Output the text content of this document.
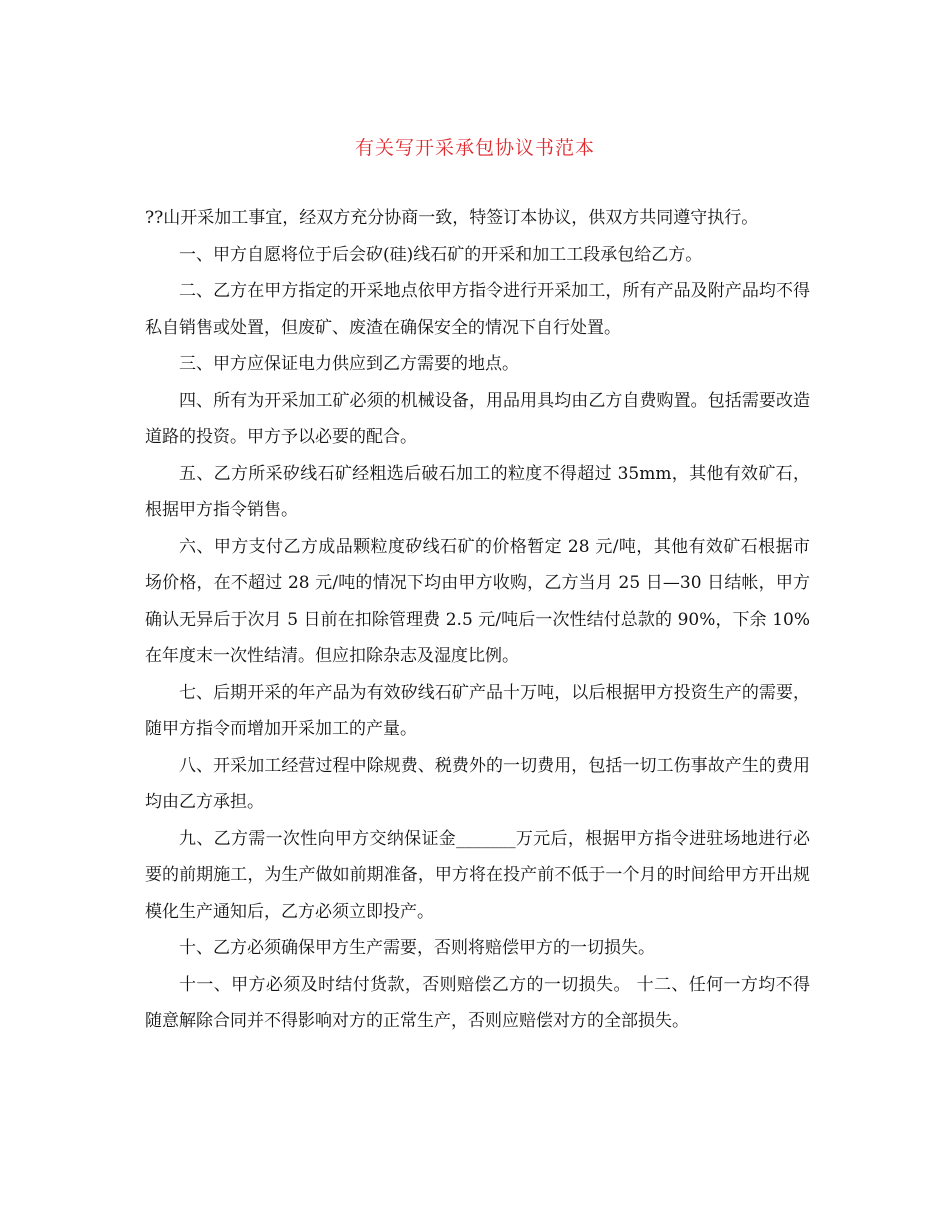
有关写开采承包协议书范本

??山开采加工事宜，经双方充分协商一致，特签订本协议，供双方共同遵守执行。

一、甲方自愿将位于后会矽(硅)线石矿的开采和加工工段承包给乙方。

二、乙方在甲方指定的开采地点依甲方指令进行开采加工，所有产品及附产品均不得私自销售或处置，但废矿、废渣在确保安全的情况下自行处置。

三、甲方应保证电力供应到乙方需要的地点。

四、所有为开采加工矿必须的机械设备，用品用具均由乙方自费购置。包括需要改造道路的投资。甲方予以必要的配合。

五、乙方所采矽线石矿经粗选后破石加工的粒度不得超过 35mm，其他有效矿石，根据甲方指令销售。

六、甲方支付乙方成品颗粒度矽线石矿的价格暂定 28 元/吨，其他有效矿石根据市场价格，在不超过 28 元/吨的情况下均由甲方收购，乙方当月 25 日—30 日结帐，甲方确认无异后于次月 5 日前在扣除管理费 2.5 元/吨后一次性结付总款的 90%，下余 10%在年度末一次性结清。但应扣除杂志及湿度比例。

七、后期开采的年产品为有效矽线石矿产品十万吨，以后根据甲方投资生产的需要，随甲方指令而增加开采加工的产量。

八、开采加工经营过程中除规费、税费外的一切费用，包括一切工伤事故产生的费用均由乙方承担。

九、乙方需一次性向甲方交纳保证金_______万元后，根据甲方指令进驻场地进行必要的前期施工，为生产做如前期准备，甲方将在投产前不低于一个月的时间给甲方开出规模化生产通知后，乙方必须立即投产。

十、乙方必须确保甲方生产需要，否则将赔偿甲方的一切损失。

十一、甲方必须及时结付货款，否则赔偿乙方的一切损失。 十二、任何一方均不得随意解除合同并不得影响对方的正常生产，否则应赔偿对方的全部损失。
